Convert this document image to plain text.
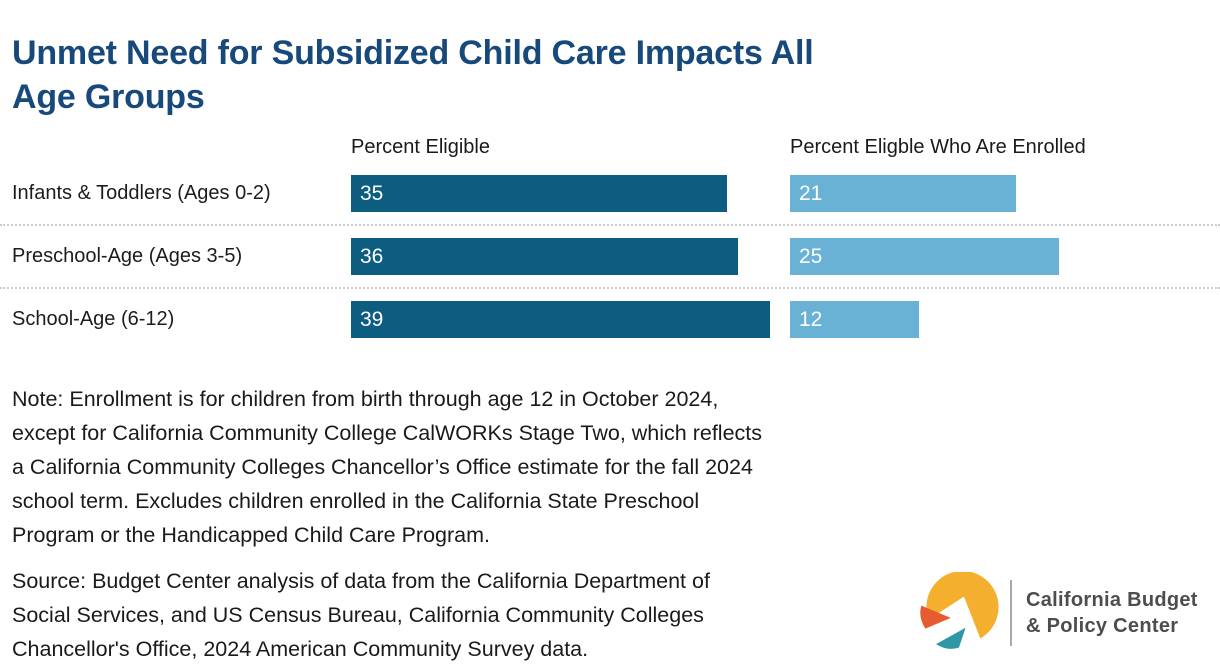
Unmet Need for Subsidized Child Care Impacts All
Age Groups
Percent Eligible	Percent Eligble Who Are Enrolled
Infants & Toddlers (Ages 0-2)	35	21
Preschool-Age (Ages 3-5)	36	25
School-Age (6-12)	39	12
Note: Enrollment is for children from birth through age 12 in October 2024,
except for California Community College CalWORKs Stage Two, which reflects
a California Community Colleges Chancellor’s Office estimate for the fall 2024
school term. Excludes children enrolled in the California State Preschool
Program or the Handicapped Child Care Program.
Source: Budget Center analysis of data from the California Department of
Social Services, and US Census Bureau, California Community Colleges
Chancellor's Office, 2024 American Community Survey data.
California Budget
& Policy Center
